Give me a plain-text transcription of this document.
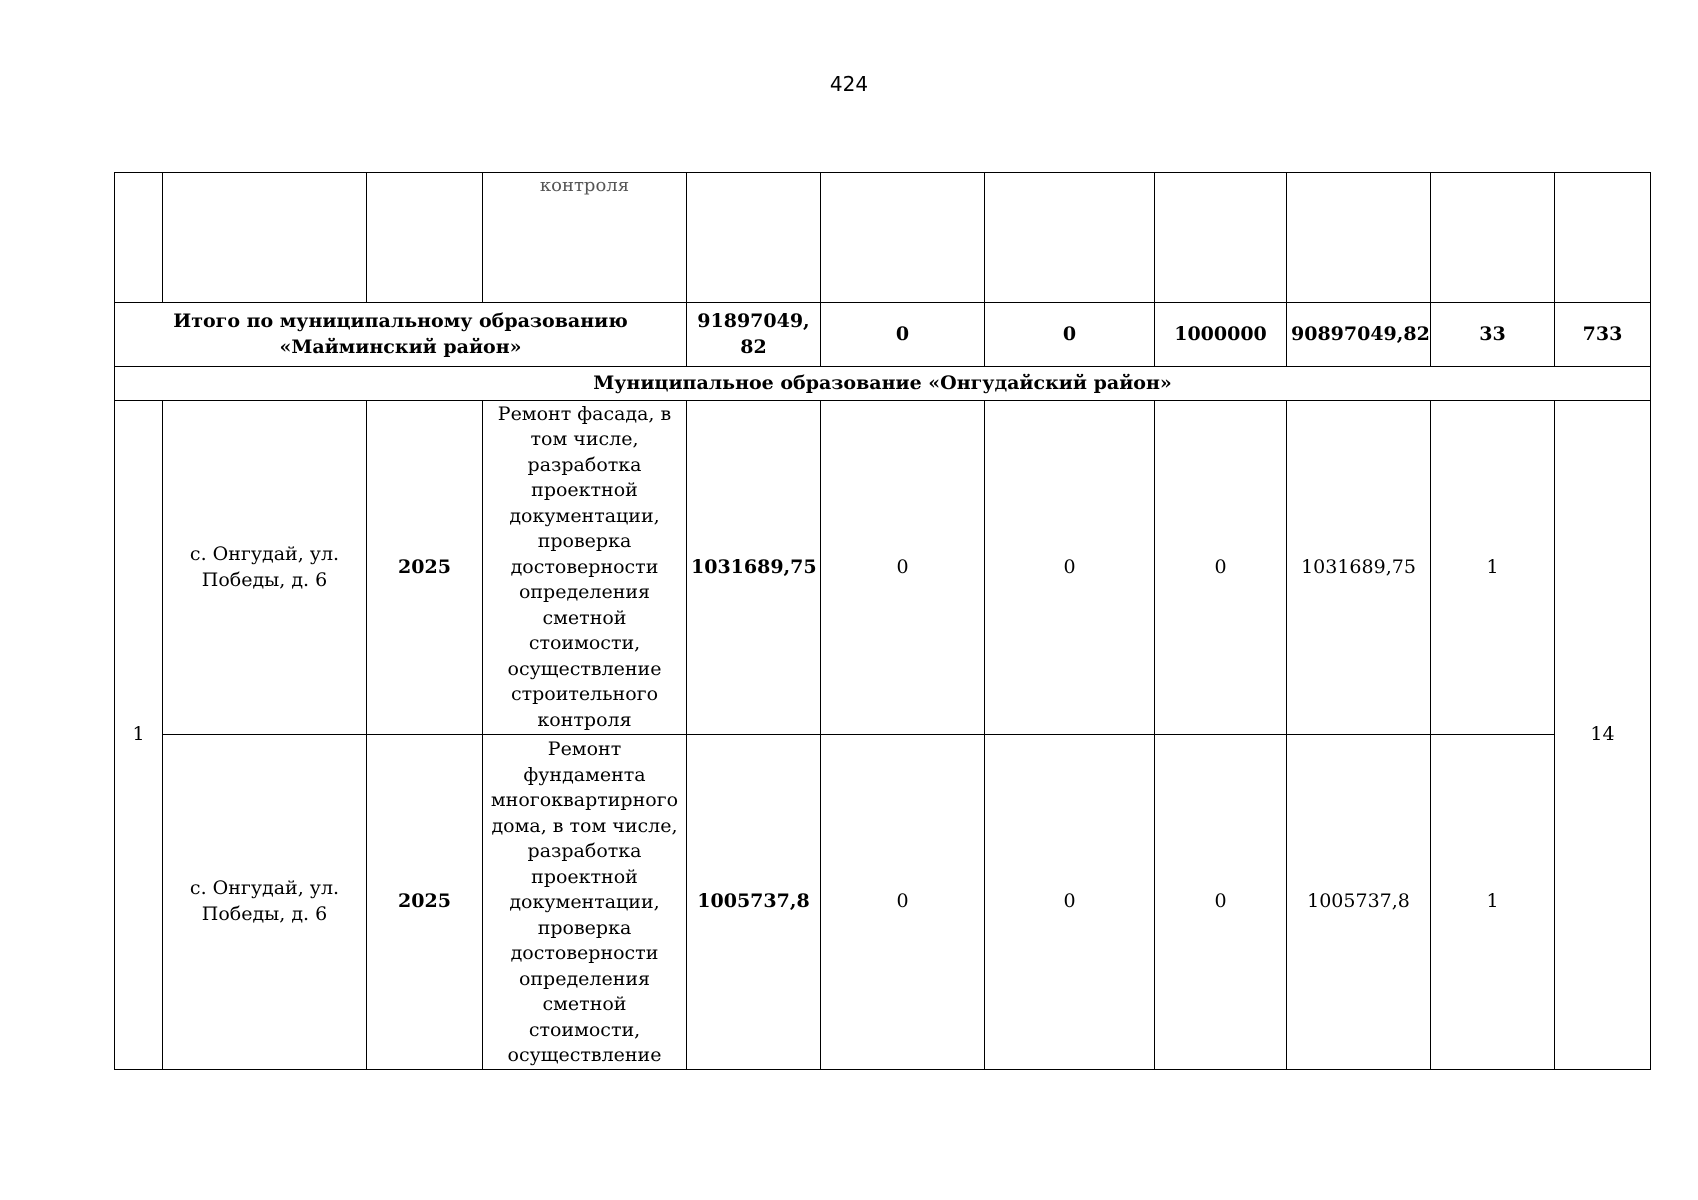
424
			контроля							
Итого по муниципальному образованию «Майминский район»				91897049,82	0	0	1000000	90897049,82	33	733
Муниципальное образование «Онгудайский район»										
1	с. Онгудай, ул. Победы, д. 6	2025	Ремонт фасада, в том числе, разработка проектной документации, проверка достоверности определения сметной стоимости, осуществление строительного контроля	1031689,75	0	0	0	1031689,75	1	14
	с. Онгудай, ул. Победы, д. 6	2025	Ремонт фундамента многоквартирного дома, в том числе, разработка проектной документации, проверка достоверности определения сметной стоимости, осуществление	1005737,8	0	0	0	1005737,8	1	
